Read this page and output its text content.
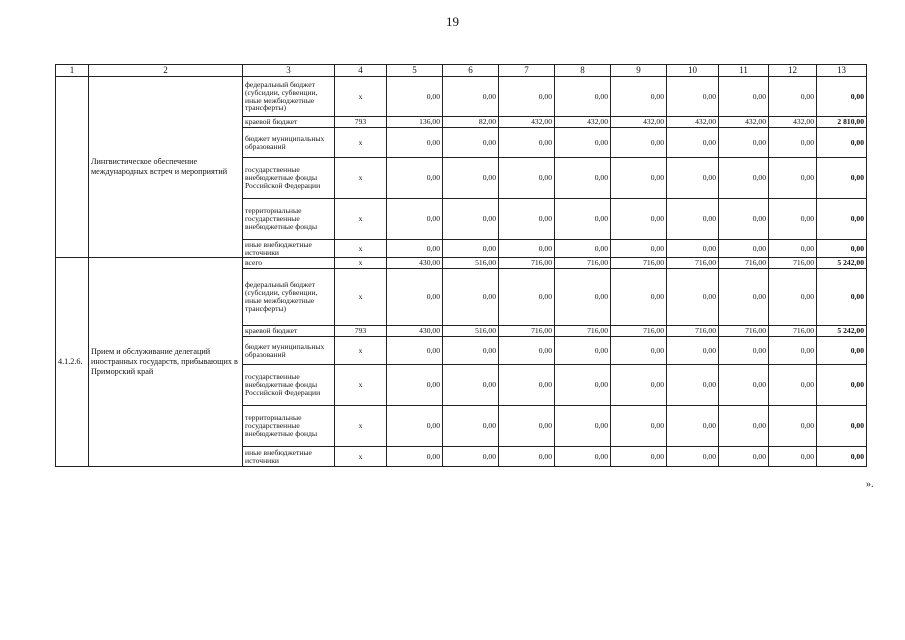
19
1	2	3	4	5	6	7	8	9	10	11	12	13
	Лингвистическое обеспечение международных встреч и мероприятий	федеральный бюджет (субсидии, субвенции, иные межбюджетные трансферты)	x	0,00	0,00	0,00	0,00	0,00	0,00	0,00	0,00	0,00
		краевой бюджет	793	136,00	82,00	432,00	432,00	432,00	432,00	432,00	432,00	2 810,00
		бюджет муниципальных образований	x	0,00	0,00	0,00	0,00	0,00	0,00	0,00	0,00	0,00
		государственные внебюджетные фонды Российской Федерации	x	0,00	0,00	0,00	0,00	0,00	0,00	0,00	0,00	0,00
		территориальные государственные внебюджетные фонды	x	0,00	0,00	0,00	0,00	0,00	0,00	0,00	0,00	0,00
		иные внебюджетные источники	x	0,00	0,00	0,00	0,00	0,00	0,00	0,00	0,00	0,00
4.1.2.6.	Прием и обслуживание делегаций иностранных государств, прибывающих в Приморский край	всего	x	430,00	516,00	716,00	716,00	716,00	716,00	716,00	716,00	5 242,00
		федеральный бюджет (субсидии, субвенции, иные межбюджетные трансферты)	x	0,00	0,00	0,00	0,00	0,00	0,00	0,00	0,00	0,00
		краевой бюджет	793	430,00	516,00	716,00	716,00	716,00	716,00	716,00	716,00	5 242,00
		бюджет муниципальных образований	x	0,00	0,00	0,00	0,00	0,00	0,00	0,00	0,00	0,00
		государственные внебюджетные фонды Российской Федерации	x	0,00	0,00	0,00	0,00	0,00	0,00	0,00	0,00	0,00
		территориальные государственные внебюджетные фонды	x	0,00	0,00	0,00	0,00	0,00	0,00	0,00	0,00	0,00
		иные внебюджетные источники	x	0,00	0,00	0,00	0,00	0,00	0,00	0,00	0,00	0,00
».
